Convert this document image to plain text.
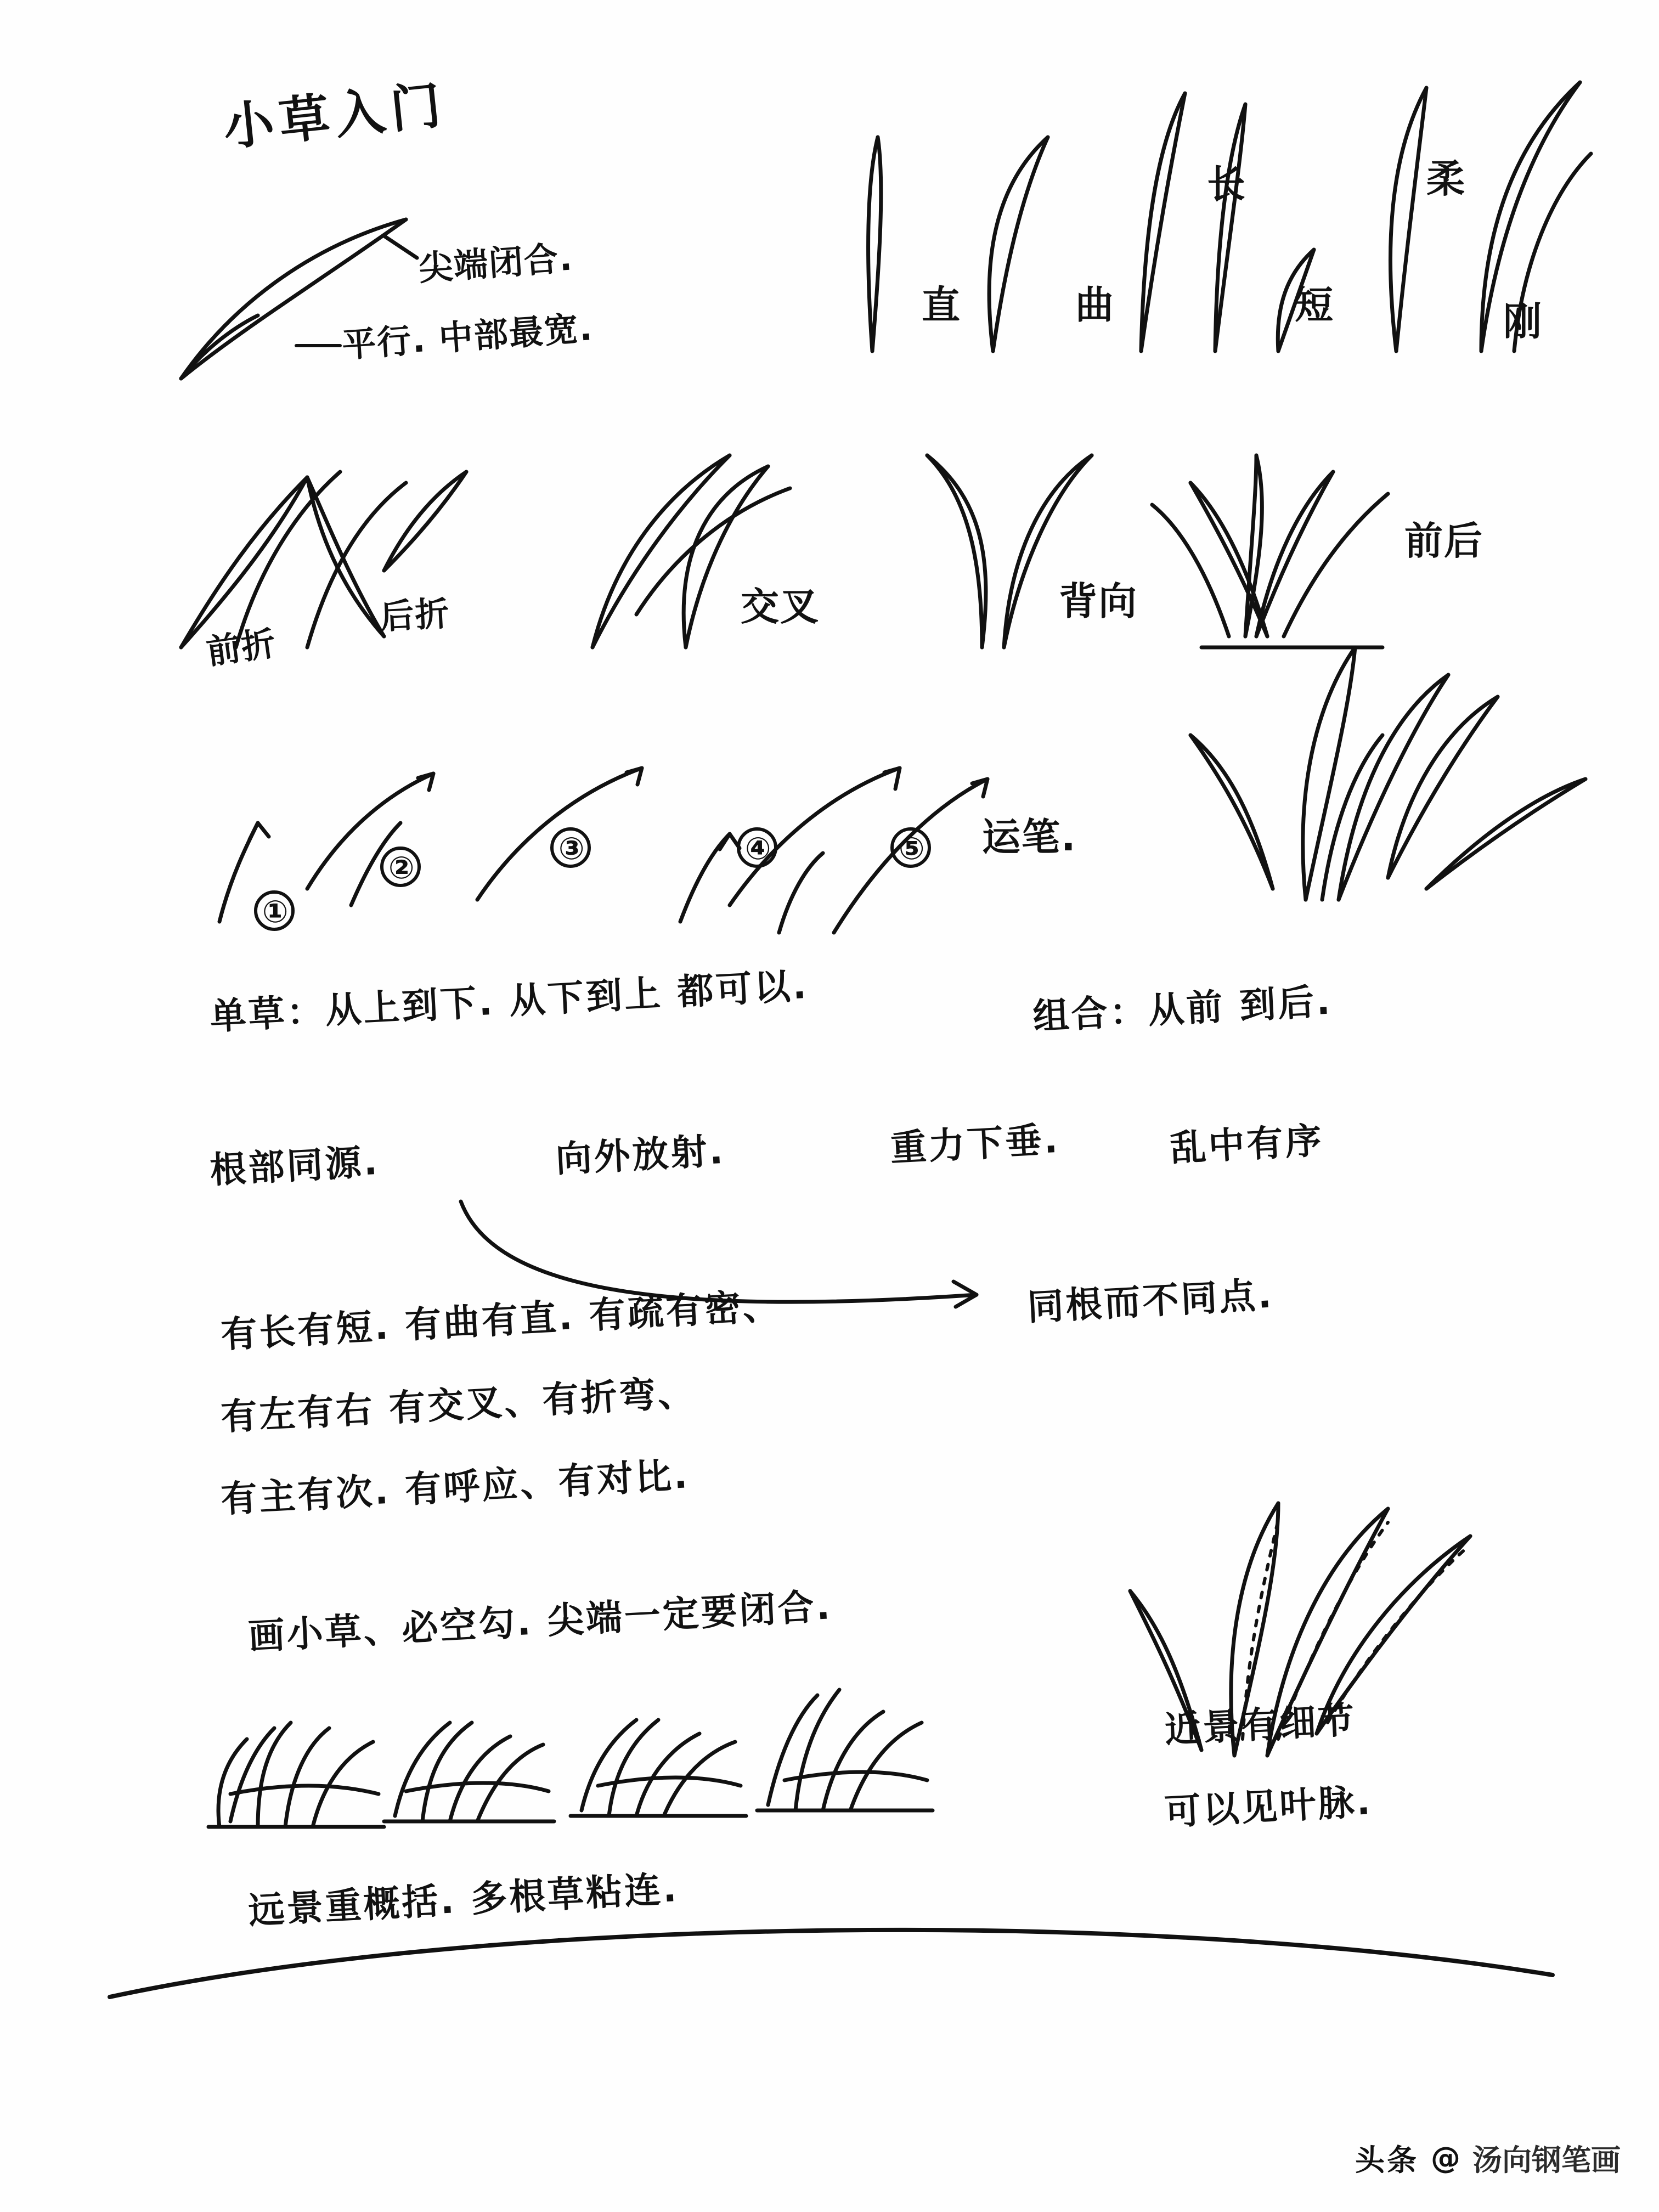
小草入门
尖端闭合.
平行. 中部最宽.
直	曲
长
短
柔
刚
前折
后折	交叉	背向
前后
①
②
③	④	⑤ 运笔.
单草：从上到下. 从下到上 都可以.	组合：从前 到后.
根部同源.	向外放射.	重力下垂.	乱中有序
同根而不同点.
有长有短. 有曲有直. 有疏有密、
有左有右 有交叉、有折弯、
有主有次. 有呼应、有对比.
画小草、必空勾. 尖端一定要闭合.
远景重概括. 多根草粘连.
近景有细节
可以见叶脉.
头条 @ 汤向钢笔画
